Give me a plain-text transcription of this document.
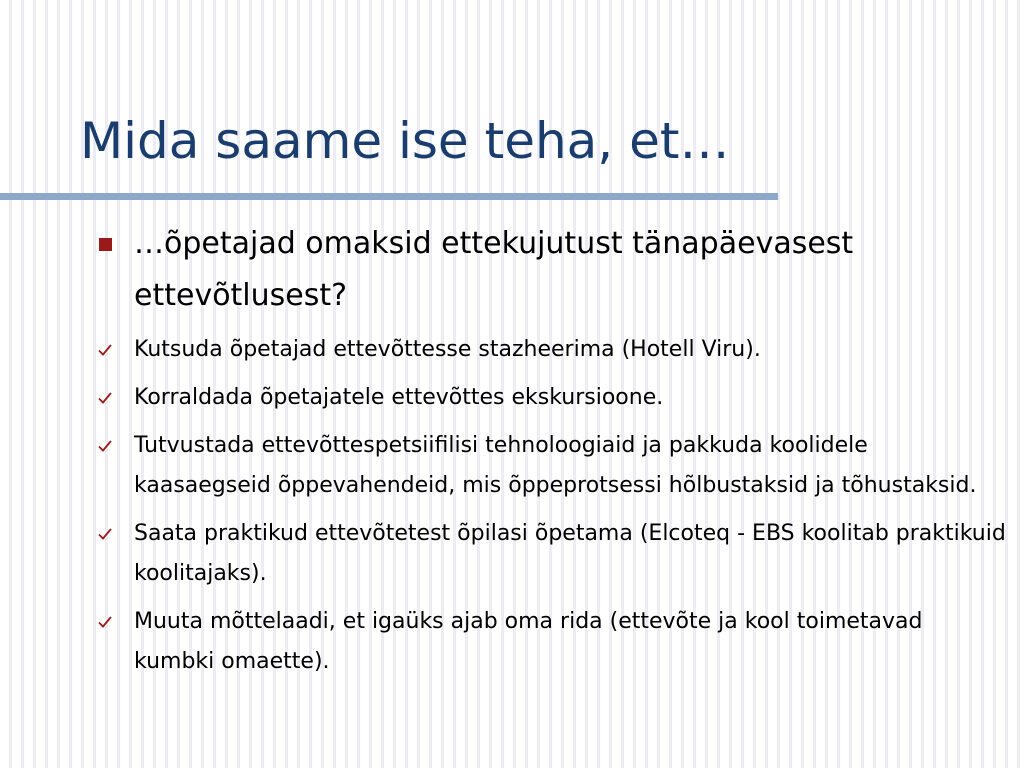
Mida saame ise teha, et…
…õpetajad omaksid ettekujutust tänapäevasest ettevõtlusest?
Kutsuda õpetajad ettevõttesse stazheerima (Hotell Viru).
Korraldada õpetajatele ettevõttes ekskursioone.
Tutvustada ettevõttespetsiifilisi tehnoloogiaid ja pakkuda koolidele kaasaegseid õppevahendeid, mis õppeprotsessi hõlbustaksid ja tõhustaksid.
Saata praktikud ettevõtetest õpilasi õpetama (Elcoteq - EBS koolitab praktikuid koolitajaks).
Muuta mõttelaadi, et igaüks ajab oma rida (ettevõte ja kool toimetavad kumbki omaette).
